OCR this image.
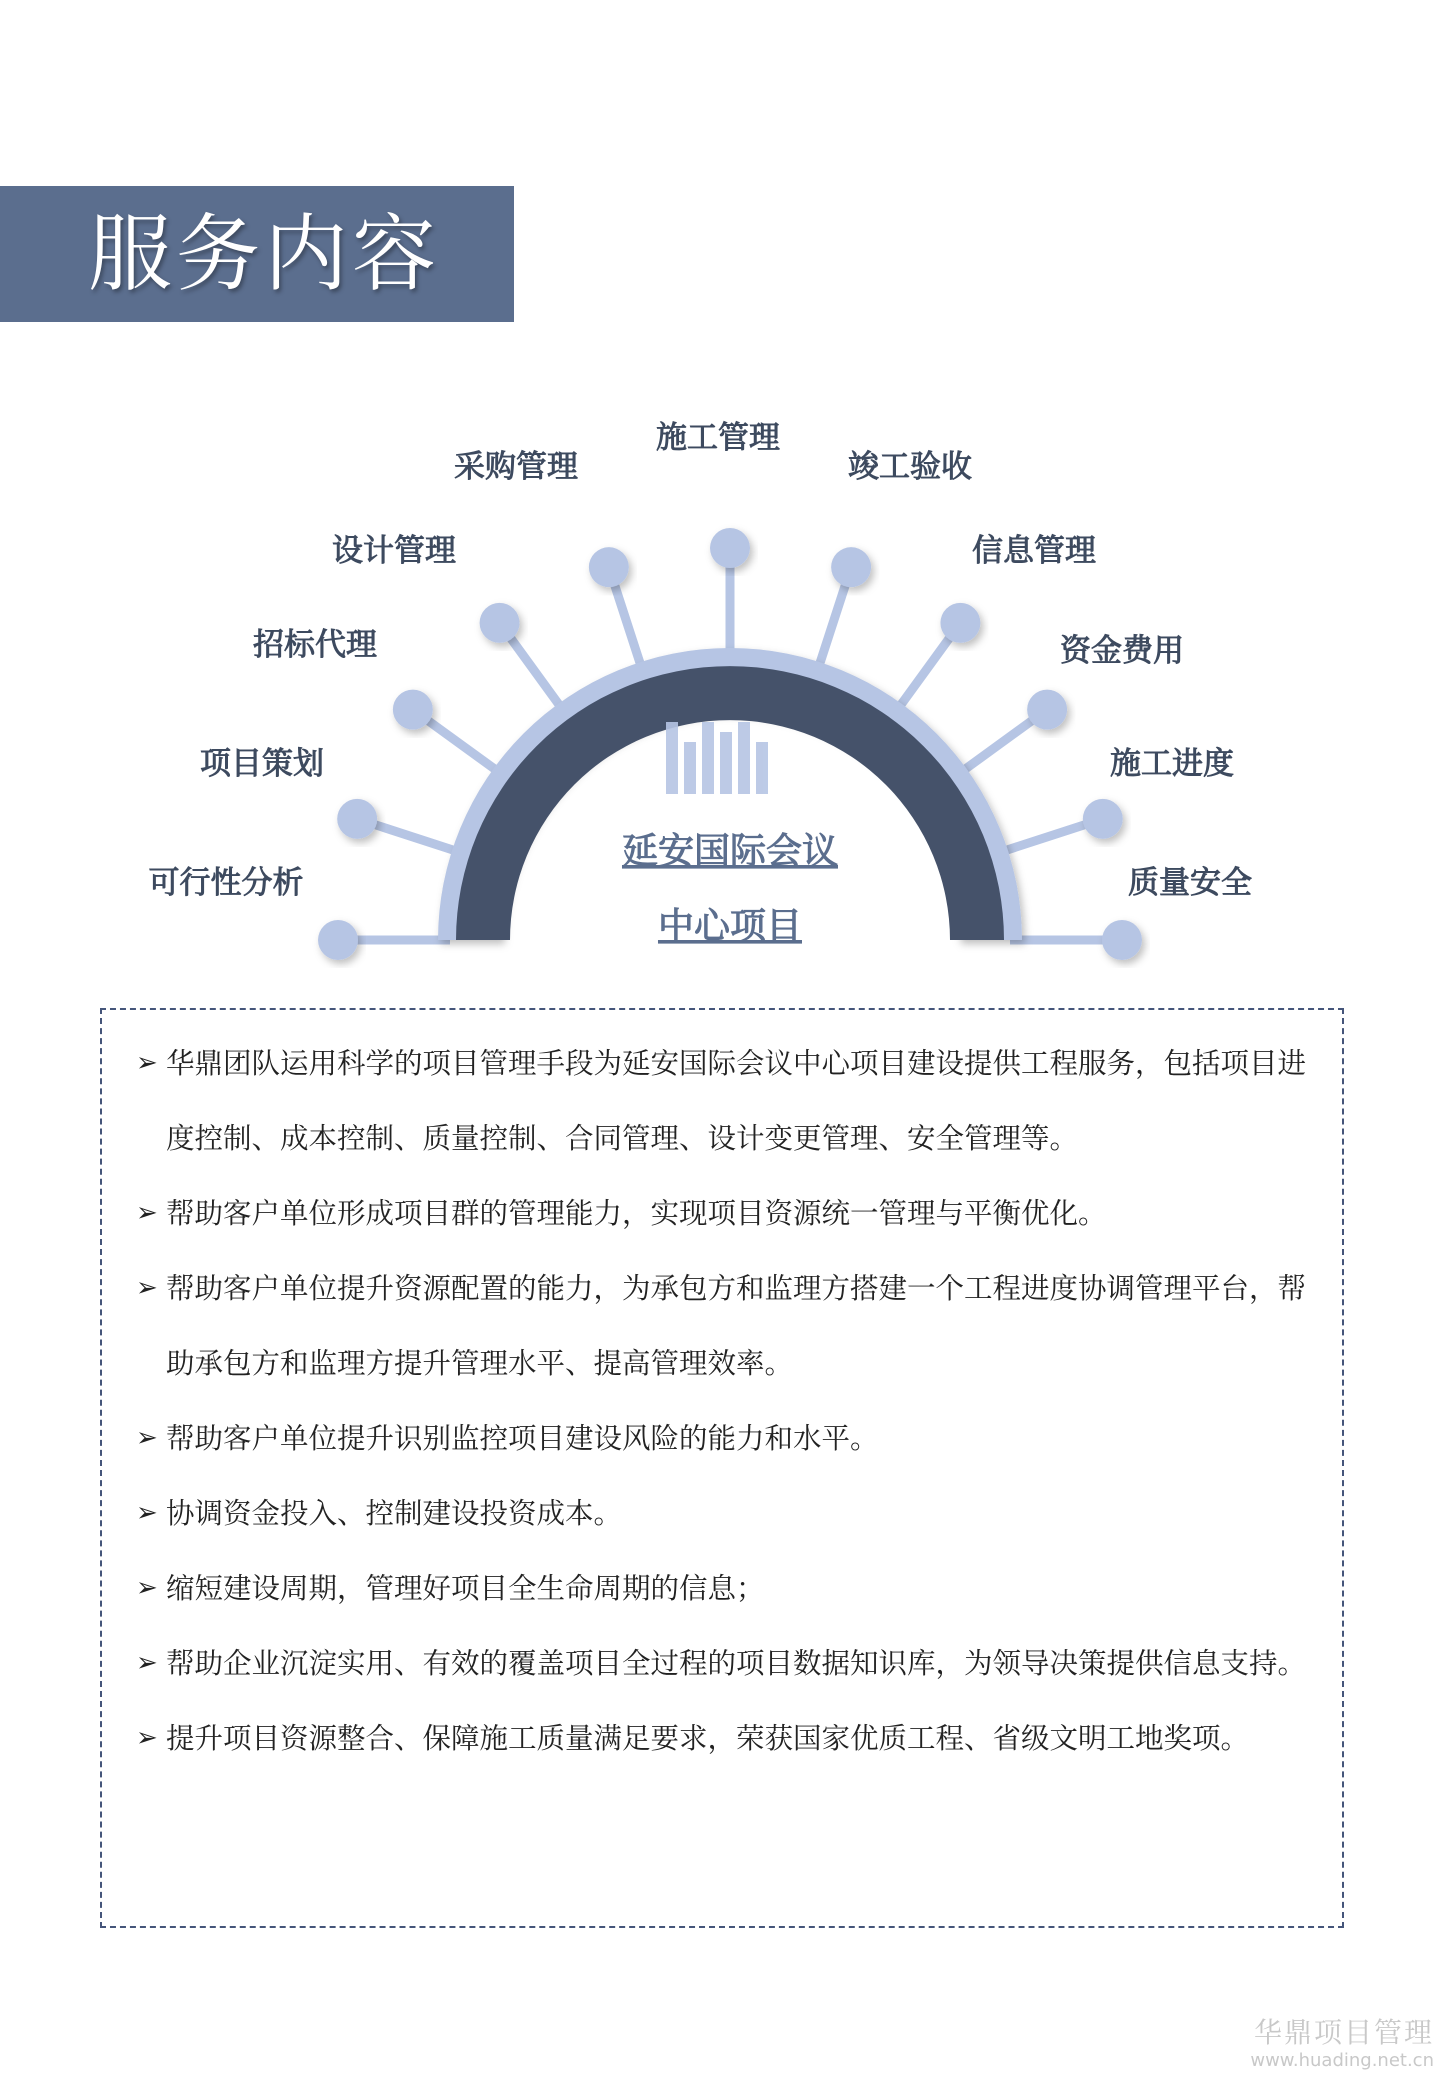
服务内容
延安国际会议
中心项目
可行性分析
项目策划
招标代理
设计管理
采购管理
施工管理
竣工验收
信息管理
资金费用
施工进度
质量安全
➢ 华鼎团队运用科学的项目管理手段为延安国际会议中心项目建设提供工程服务，包括项目进度控制、成本控制、质量控制、合同管理、设计变更管理、安全管理等。
➢ 帮助客户单位形成项目群的管理能力，实现项目资源统一管理与平衡优化。
➢ 帮助客户单位提升资源配置的能力，为承包方和监理方搭建一个工程进度协调管理平台，帮助承包方和监理方提升管理水平、提高管理效率。
➢ 帮助客户单位提升识别监控项目建设风险的能力和水平。
➢ 协调资金投入、控制建设投资成本。
➢ 缩短建设周期，管理好项目全生命周期的信息；
➢ 帮助企业沉淀实用、有效的覆盖项目全过程的项目数据知识库，为领导决策提供信息支持。
➢ 提升项目资源整合、保障施工质量满足要求，荣获国家优质工程、省级文明工地奖项。
华鼎项目管理
www.huading.net.cn
